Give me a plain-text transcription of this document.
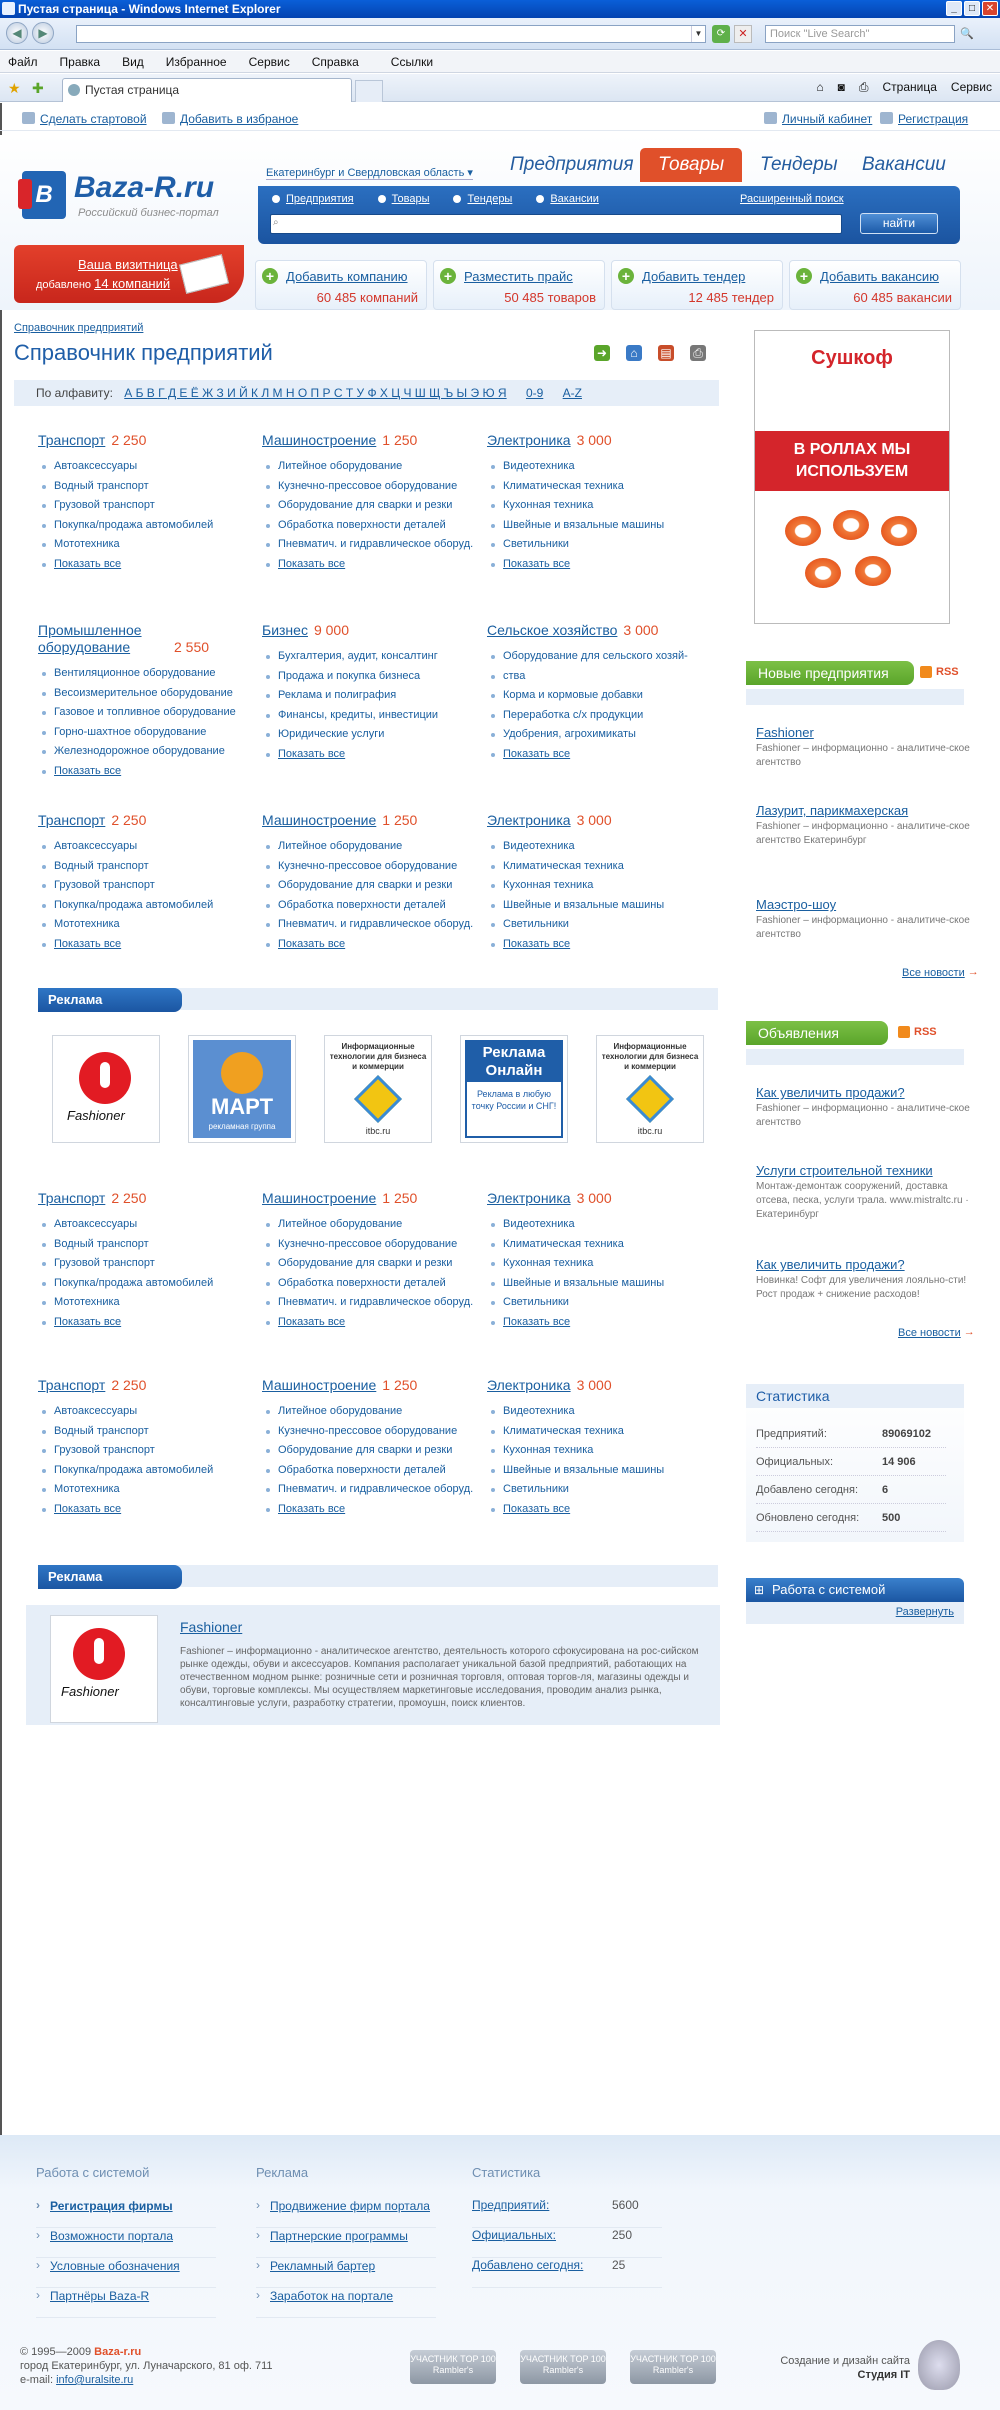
Пустая страница - Windows Internet Explorer	_	□	✕
◀	▶	▼	⟳	✕	Поиск "Live Search"	🔍
Файл Правка Вид Избранное Сервис Справка	Ссылки
★ ✚	Пустая страница	⌂ ◙ ⎙ Страница Сервис
Сделать стартовой	Добавить в избраное	Личный кабинет	Регистрация
B Baza-R.ru
Российский бизнес-портал
Екатеринбург и Свердловская область ▾ Предприятия	Товары	Тендеры Вакансии
Предприятия	Товары	Тендеры	Вакансии	Расширенный поиск
⌕	найти
Ваша визитница
добавлено 14 компаний	+ Добавить компанию
60 485 компаний
+ Разместить прайс
50 485 товаров
+ Добавить тендер
12 485 тендер
+ Добавить вакансию
60 485 вакансии
Справочник предприятий
Справочник предприятий	➜	⌂	▤ ⎙
По алфавиту: А Б В Г Д Е Ё Ж З И Й К Л М Н О П Р С Т У Ф Х Ц Ч Ш Щ Ъ Ы Э Ю Я 0-9 A-Z
Транспорт 2 250
Автоаксессуары
Водный транспорт
Грузовой транспорт
Покупка/продажа автомобилей
Мототехника
Показать все
Машиностроение 1 250
Литейное оборудование
Кузнечно-прессовое оборудование
Оборудование для сварки и резки
Обработка поверхности деталей
Пневматич. и гидравлическое оборуд.
Показать все
Электроника 3 000
Видеотехника
Климатическая техника
Кухонная техника
Швейные и вязальные машины
Светильники
Показать все
Промышленное оборудование	2 550
Вентиляционное оборудование
Весоизмерительное оборудование
Газовое и топливное оборудование
Горно-шахтное оборудование
Железнодорожное оборудование
Показать все
Бизнес 9 000
Бухгалтерия, аудит, консалтинг
Продажа и покупка бизнеса
Реклама и полиграфия
Финансы, кредиты, инвестиции
Юридические услуги
Показать все
Сельское хозяйство 3 000
Оборудование для сельского хозяй-
ства
Корма и кормовые добавки
Переработка с/х продукции
Удобрения, агрохимикаты
Показать все
Транспорт 2 250
Автоаксессуары
Водный транспорт
Грузовой транспорт
Покупка/продажа автомобилей
Мототехника
Показать все
Машиностроение 1 250
Литейное оборудование
Кузнечно-прессовое оборудование
Оборудование для сварки и резки
Обработка поверхности деталей
Пневматич. и гидравлическое оборуд.
Показать все
Электроника 3 000
Видеотехника
Климатическая техника
Кухонная техника
Швейные и вязальные машины
Светильники
Показать все
Транспорт 2 250
Автоаксессуары
Водный транспорт
Грузовой транспорт
Покупка/продажа автомобилей
Мототехника
Показать все
Машиностроение 1 250
Литейное оборудование
Кузнечно-прессовое оборудование
Оборудование для сварки и резки
Обработка поверхности деталей
Пневматич. и гидравлическое оборуд.
Показать все
Электроника 3 000
Видеотехника
Климатическая техника
Кухонная техника
Швейные и вязальные машины
Светильники
Показать все
Транспорт 2 250
Автоаксессуары
Водный транспорт
Грузовой транспорт
Покупка/продажа автомобилей
Мототехника
Показать все
Машиностроение 1 250
Литейное оборудование
Кузнечно-прессовое оборудование
Оборудование для сварки и резки
Обработка поверхности деталей
Пневматич. и гидравлическое оборуд.
Показать все
Электроника 3 000
Видеотехника
Климатическая техника
Кухонная техника
Швейные и вязальные машины
Светильники
Показать все
Реклама
Fashioner	МАРТ
рекламная группа
Информационные технологии для бизнеса и коммерции
itbc.ru
Реклама Онлайн
Реклама в любую точку России и СНГ!
Информационные технологии для бизнеса и коммерции
itbc.ru
Реклама
Fashioner
Fashioner
Fashioner – информационно - аналитическое агентство, деятельность которого сфокусирована на рос-сийском рынке одежды, обуви и аксессуаров. Компания располагает уникальной базой предприятий, работающих на отечественном модном рынке: розничные сети и розничная торговля, оптовая торгов-ля, магазины одежды и обуви, торговые комплексы. Мы осуществляем маркетинговые исследования, проводим анализ рынка, консалтинговые услуги, разработку стратегии, промоушн, поиск клиентов.
Сушкоф
В РОЛЛАХ МЫ ИСПОЛЬЗУЕМ
Новые предприятия	RSS
Fashioner
Fashioner – информационно - аналитиче-ское агентство
Лазурит, парикмахерская
Fashioner – информационно - аналитиче-ское агентство Екатеринбург
Маэстро-шоу
Fashioner – информационно - аналитиче-ское агентство
Все новости →
Объявления	RSS
Как увеличить продажи?
Fashioner – информационно - аналитиче-ское агентство
Услуги строительной техники
Монтаж-демонтаж сооружений, доставка отсева, песка, услуги трала. www.mistraltc.ru · Екатеринбург
Как увеличить продажи?
Новинка! Софт для увеличения лояльно-сти! Рост продаж + снижение расходов!
Все новости →
Статистика
Предприятий:	89069102
Официальных:	14 906
Добавлено сегодня: 6
Обновлено сегодня: 500
⊞ Работа с системой
Развернуть
Работа с системой
› Регистрация фирмы
› Возможности портала
› Условные обозначения
› Партнёры Baza-R
Реклама
› Продвижение фирм портала
› Партнерские программы
› Рекламный бартер
› Заработок на портале
Статистика
Предприятий:	5600
Официальных:	250
Добавлено сегодня: 25
© 1995—2009 Baza-r.ru
город Екатеринбург, ул. Луначарского, 81 оф. 711
e-mail: info@uralsite.ru
УЧАСТНИК TOP 100 Rambler's
УЧАСТНИК TOP 100 Rambler's
УЧАСТНИК TOP 100 Rambler's
Создание и дизайн сайта
Студия IT
